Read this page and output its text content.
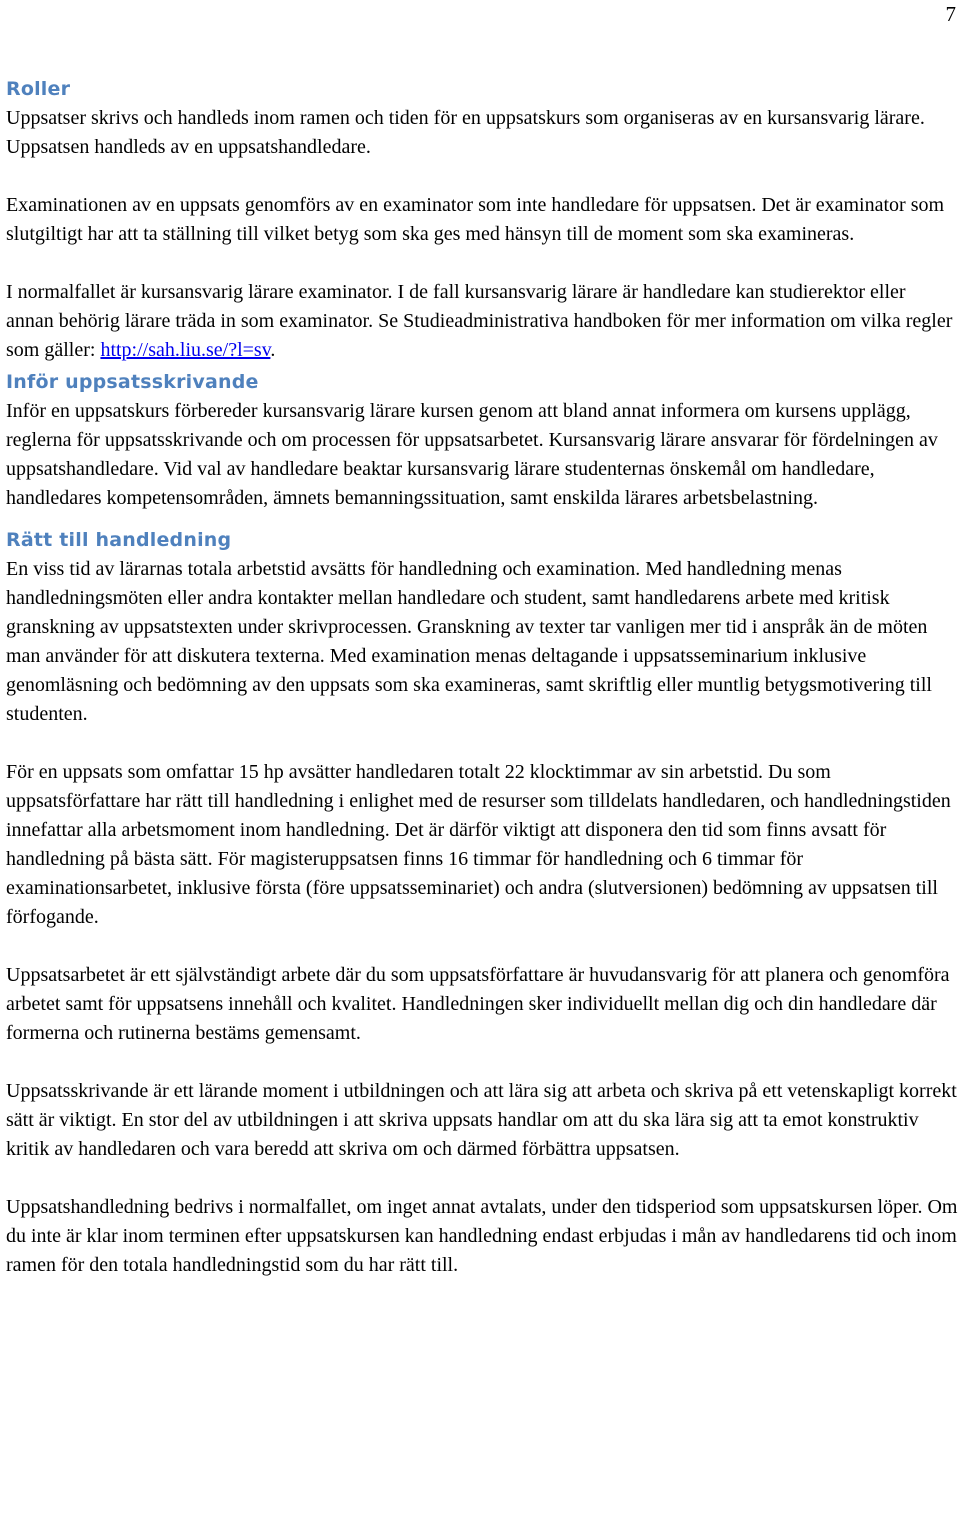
7
Roller

Uppsatser skrivs och handleds inom ramen och tiden för en uppsatskurs som organiseras av en kursansvarig lärare. Uppsatsen handleds av en uppsatshandledare.

Examinationen av en uppsats genomförs av en examinator som inte handledare för uppsatsen. Det är examinator som slutgiltigt har att ta ställning till vilket betyg som ska ges med hänsyn till de moment som ska examineras.

I normalfallet är kursansvarig lärare examinator. I de fall kursansvarig lärare är handledare kan studierektor eller annan behörig lärare träda in som examinator. Se Studieadministrativa handboken för mer information om vilka regler som gäller: http://sah.liu.se/?l=sv.

Inför uppsatsskrivande

Inför en uppsatskurs förbereder kursansvarig lärare kursen genom att bland annat informera om kursens upplägg, reglerna för uppsatsskrivande och om processen för uppsatsarbetet. Kursansvarig lärare ansvarar för fördelningen av uppsatshandledare. Vid val av handledare beaktar kursansvarig lärare studenternas önskemål om handledare, handledares kompetensområden, ämnets bemanningssituation, samt enskilda lärares arbetsbelastning.

Rätt till handledning

En viss tid av lärarnas totala arbetstid avsätts för handledning och examination. Med handledning menas handledningsmöten eller andra kontakter mellan handledare och student, samt handledarens arbete med kritisk granskning av uppsatstexten under skrivprocessen. Granskning av texter tar vanligen mer tid i anspråk än de möten man använder för att diskutera texterna. Med examination menas deltagande i uppsatsseminarium inklusive genomläsning och bedömning av den uppsats som ska examineras, samt skriftlig eller muntlig betygsmotivering till studenten.

För en uppsats som omfattar 15 hp avsätter handledaren totalt 22 klocktimmar av sin arbetstid. Du som uppsatsförfattare har rätt till handledning i enlighet med de resurser som tilldelats handledaren, och handledningstiden innefattar alla arbetsmoment inom handledning. Det är därför viktigt att disponera den tid som finns avsatt för handledning på bästa sätt. För magisteruppsatsen finns 16 timmar för handledning och 6 timmar för examinationsarbetet, inklusive första (före uppsatsseminariet) och andra (slutversionen) bedömning av uppsatsen till förfogande.

Uppsatsarbetet är ett självständigt arbete där du som uppsatsförfattare är huvudansvarig för att planera och genomföra arbetet samt för uppsatsens innehåll och kvalitet. Handledningen sker individuellt mellan dig och din handledare där formerna och rutinerna bestäms gemensamt.

Uppsatsskrivande är ett lärande moment i utbildningen och att lära sig att arbeta och skriva på ett vetenskapligt korrekt sätt är viktigt. En stor del av utbildningen i att skriva uppsats handlar om att du ska lära sig att ta emot konstruktiv kritik av handledaren och vara beredd att skriva om och därmed förbättra uppsatsen.

Uppsatshandledning bedrivs i normalfallet, om inget annat avtalats, under den tidsperiod som uppsatskursen löper. Om du inte är klar inom terminen efter uppsatskursen kan handledning endast erbjudas i mån av handledarens tid och inom ramen för den totala handledningstid som du har rätt till.
